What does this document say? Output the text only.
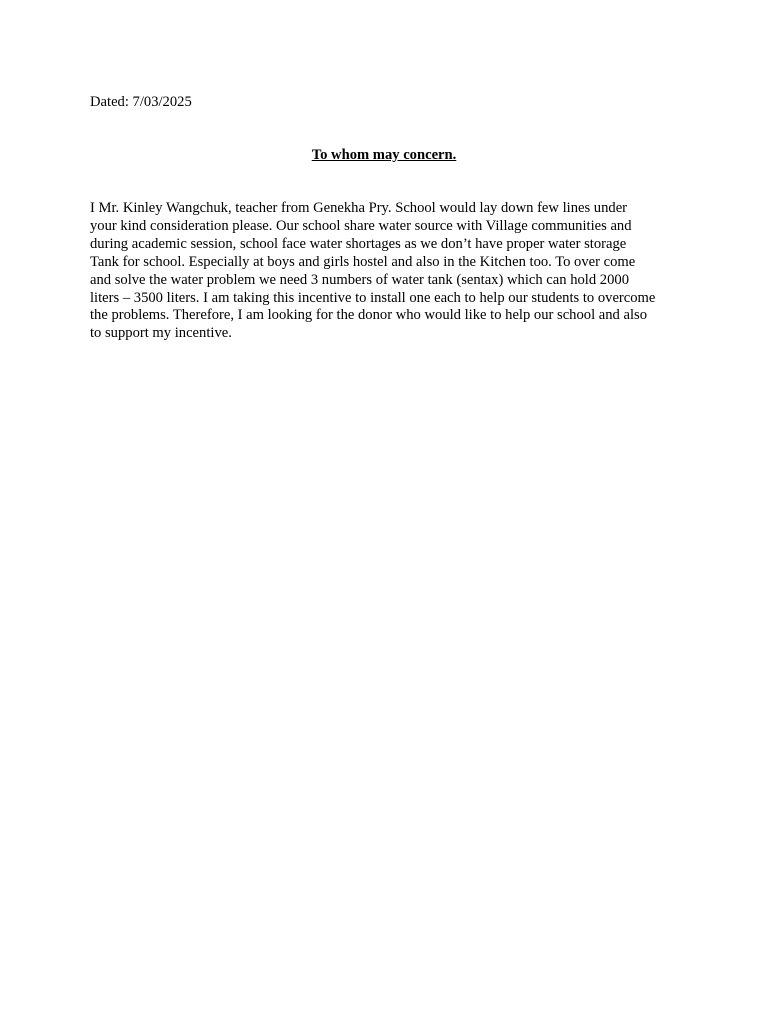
Dated: 7/03/2025
To whom may concern.
I Mr. Kinley Wangchuk, teacher from Genekha Pry. School would lay down few lines under
your kind consideration please. Our school share water source with Village communities and
during academic session, school face water shortages as we don’t have proper water storage
Tank for school. Especially at boys and girls hostel and also in the Kitchen too. To over come
and solve the water problem we need 3 numbers of water tank (sentax) which can hold 2000
liters – 3500 liters. I am taking this incentive to install one each to help our students to overcome
the problems. Therefore, I am looking for the donor who would like to help our school and also
to support my incentive.
